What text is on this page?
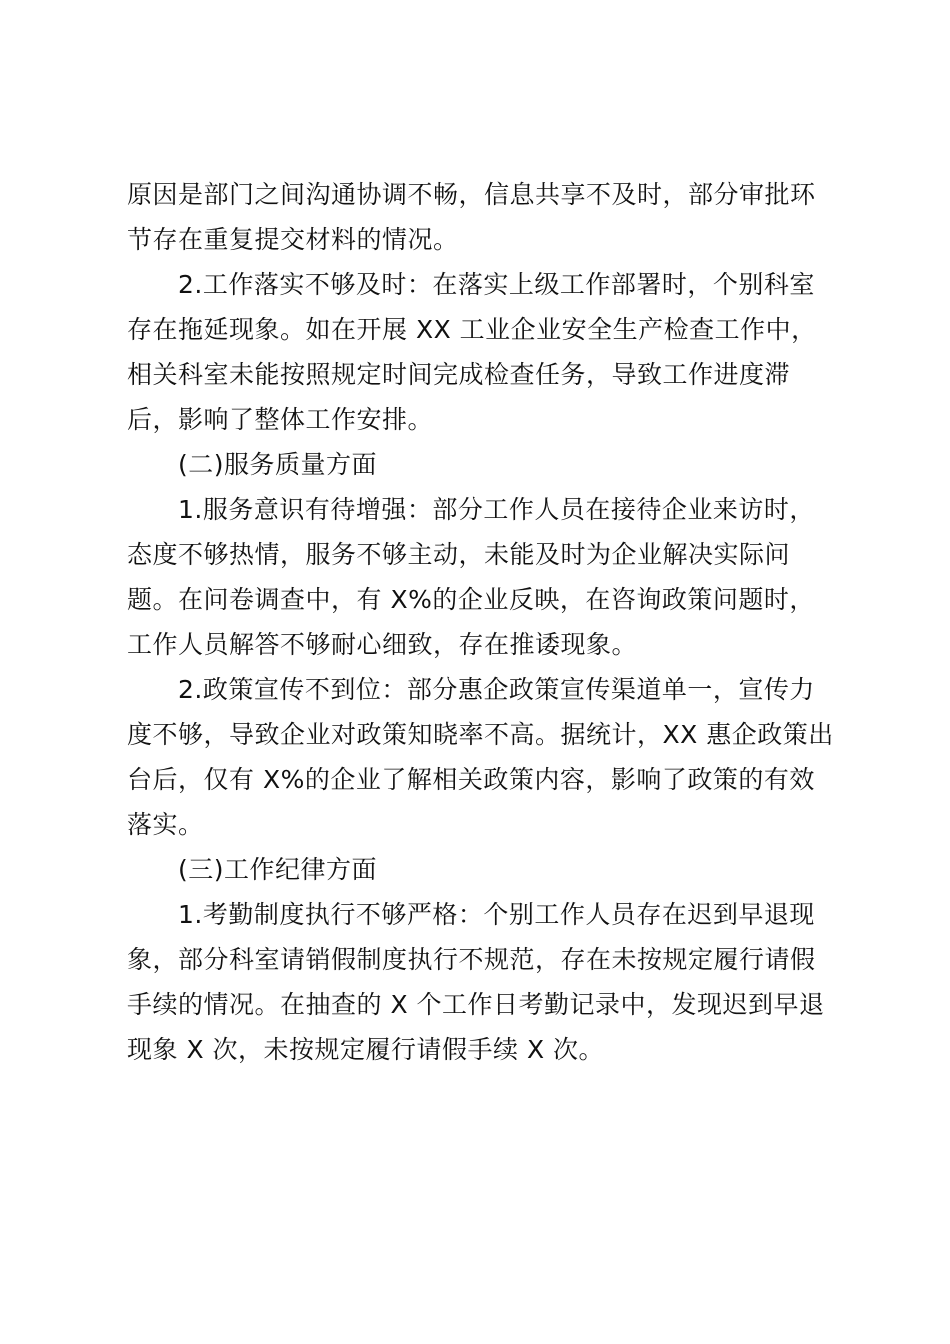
原因是部门之间沟通协调不畅，信息共享不及时，部分审批环
节存在重复提交材料的情况。
2.工作落实不够及时：在落实上级工作部署时，个别科室
存在拖延现象。如在开展 XX 工业企业安全生产检查工作中，
相关科室未能按照规定时间完成检查任务，导致工作进度滞
后，影响了整体工作安排。
(二)服务质量方面
1.服务意识有待增强：部分工作人员在接待企业来访时，
态度不够热情，服务不够主动，未能及时为企业解决实际问
题。在问卷调查中，有 X%的企业反映，在咨询政策问题时，
工作人员解答不够耐心细致，存在推诿现象。
2.政策宣传不到位：部分惠企政策宣传渠道单一，宣传力
度不够，导致企业对政策知晓率不高。据统计，XX 惠企政策出
台后，仅有 X%的企业了解相关政策内容，影响了政策的有效
落实。
(三)工作纪律方面
1.考勤制度执行不够严格：个别工作人员存在迟到早退现
象，部分科室请销假制度执行不规范，存在未按规定履行请假
手续的情况。在抽查的 X 个工作日考勤记录中，发现迟到早退
现象 X 次，未按规定履行请假手续 X 次。
